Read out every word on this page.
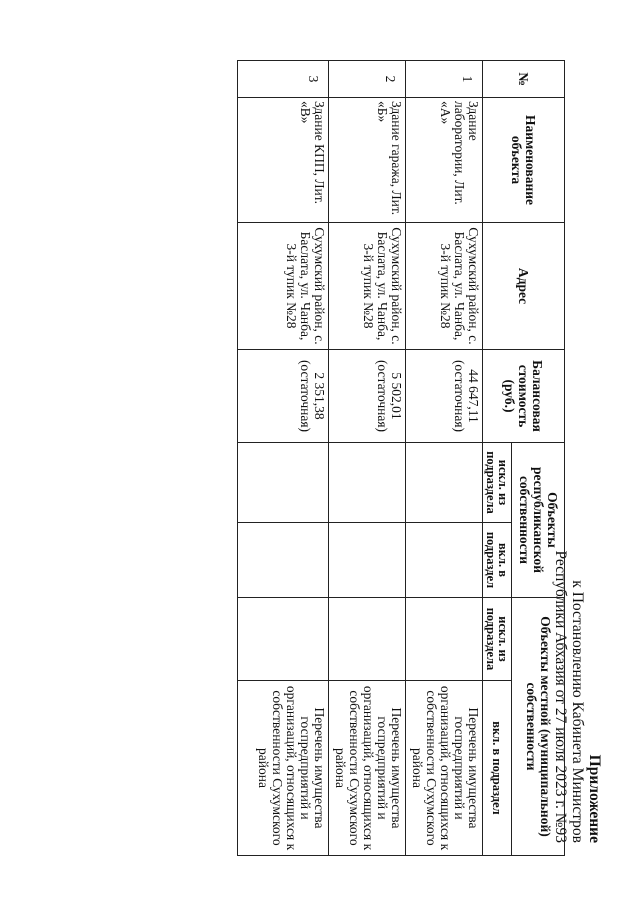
Приложение
к Постановлению Кабинета Министров
Республики Абхазия от 27 июля 2023 г. №93
№	Наименование объекта	Адрес	Балансовая стоимость (руб.)	Объекты республиканской собственности		Объекты местной (муниципальной) собственности	
				искл. из подраздела	вкл. в подраздел	искл. из подраздела	вкл. в подраздел
1	Здание лаборатории, Лит. «А»	Сухумский район, с. Баслата, ул. Чанба, 3-й тупик №28	44 647,11 (остаточная)				Перечень имущества госпредприятий и организаций, относящихся к собственности Сухумского района
2	Здание гаража, Лит. «Б»	Сухумский район, с. Баслата, ул. Чанба, 3-й тупик №28	5 502,01 (остаточная)				Перечень имущества госпредприятий и организаций, относящихся к собственности Сухумского района
3	Здание КПП, Лит. «В»	Сухумский район, с. Баслата, ул. Чанба, 3-й тупик №28	2 351,38 (остаточная)				Перечень имущества госпредприятий и организаций, относящихся к собственности Сухумского района
